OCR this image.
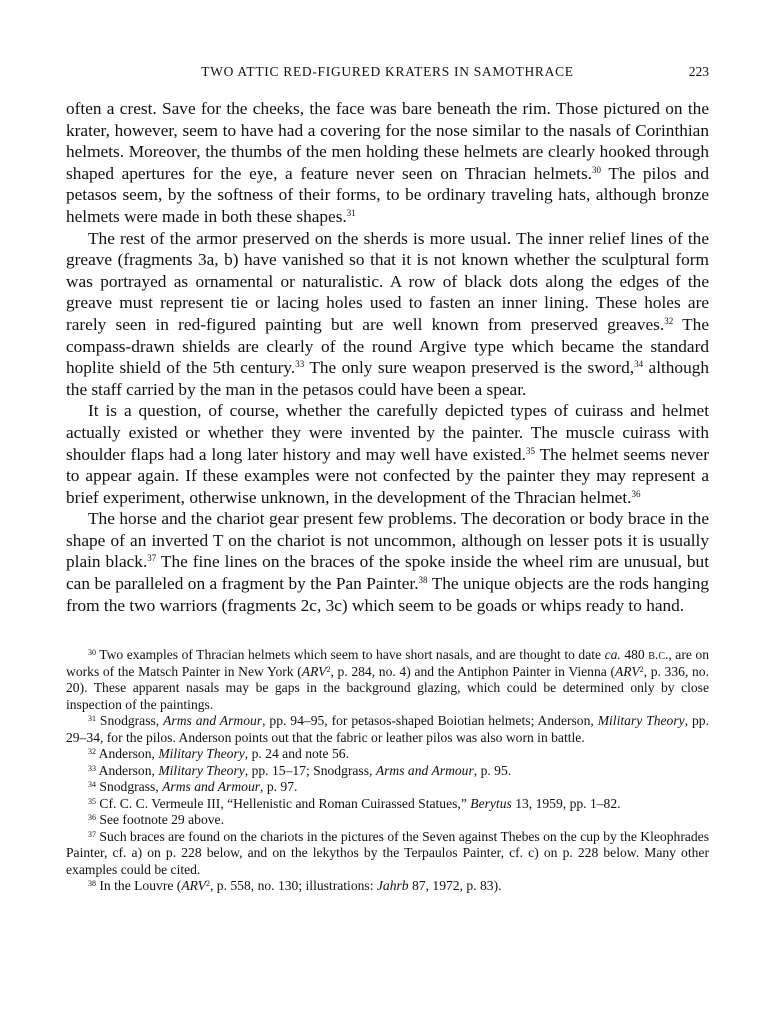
TWO ATTIC RED-FIGURED KRATERS IN SAMOTHRACE	223

often a crest. Save for the cheeks, the face was bare beneath the rim. Those pictured on the krater, however, seem to have had a covering for the nose similar to the nasals of Corinthian helmets. Moreover, the thumbs of the men holding these helmets are clearly hooked through shaped apertures for the eye, a feature never seen on Thracian helmets.$^{30}$ The pilos and petasos seem, by the softness of their forms, to be ordinary traveling hats, although bronze helmets were made in both these shapes.$^{31}$

The rest of the armor preserved on the sherds is more usual. The inner relief lines of the greave (fragments 3a, b) have vanished so that it is not known whether the sculptural form was portrayed as ornamental or naturalistic. A row of black dots along the edges of the greave must represent tie or lacing holes used to fasten an inner lining. These holes are rarely seen in red-figured painting but are well known from preserved greaves.$^{32}$ The compass-drawn shields are clearly of the round Argive type which became the standard hoplite shield of the 5th century.$^{33}$ The only sure weapon preserved is the sword,$^{34}$ although the staff carried by the man in the petasos could have been a spear.

It is a question, of course, whether the carefully depicted types of cuirass and helmet actually existed or whether they were invented by the painter. The muscle cuirass with shoulder flaps had a long later history and may well have existed.$^{35}$ The helmet seems never to appear again. If these examples were not confected by the painter they may represent a brief experiment, otherwise unknown, in the development of the Thracian helmet.$^{36}$

The horse and the chariot gear present few problems. The decoration or body brace in the shape of an inverted T on the chariot is not uncommon, although on lesser pots it is usually plain black.$^{37}$ The fine lines on the braces of the spoke inside the wheel rim are unusual, but can be paralleled on a fragment by the Pan Painter.$^{38}$ The unique objects are the rods hanging from the two warriors (fragments 2c, 3c) which seem to be goads or whips ready to hand.

$^{30}$ Two examples of Thracian helmets which seem to have short nasals, and are thought to date ca. 480 b.c., are on works of the Matsch Painter in New York (ARV$^2$, p. 284, no. 4) and the Antiphon Painter in Vienna (ARV$^2$, p. 336, no. 20). These apparent nasals may be gaps in the background glazing, which could be determined only by close inspection of the paintings.
$^{31}$ Snodgrass, Arms and Armour, pp. 94–95, for petasos-shaped Boiotian helmets; Anderson, Military Theory, pp. 29–34, for the pilos. Anderson points out that the fabric or leather pilos was also worn in battle.
$^{32}$ Anderson, Military Theory, p. 24 and note 56.
$^{33}$ Anderson, Military Theory, pp. 15–17; Snodgrass, Arms and Armour, p. 95.
$^{34}$ Snodgrass, Arms and Armour, p. 97.
$^{35}$ Cf. C. C. Vermeule III, “Hellenistic and Roman Cuirassed Statues,” Berytus 13, 1959, pp. 1–82.
$^{36}$ See footnote 29 above.
$^{37}$ Such braces are found on the chariots in the pictures of the Seven against Thebes on the cup by the Kleophrades Painter, cf. a) on p. 228 below, and on the lekythos by the Terpaulos Painter, cf. c) on p. 228 below. Many other examples could be cited.
$^{38}$ In the Louvre (ARV$^2$, p. 558, no. 130; illustrations: Jahrb 87, 1972, p. 83).
